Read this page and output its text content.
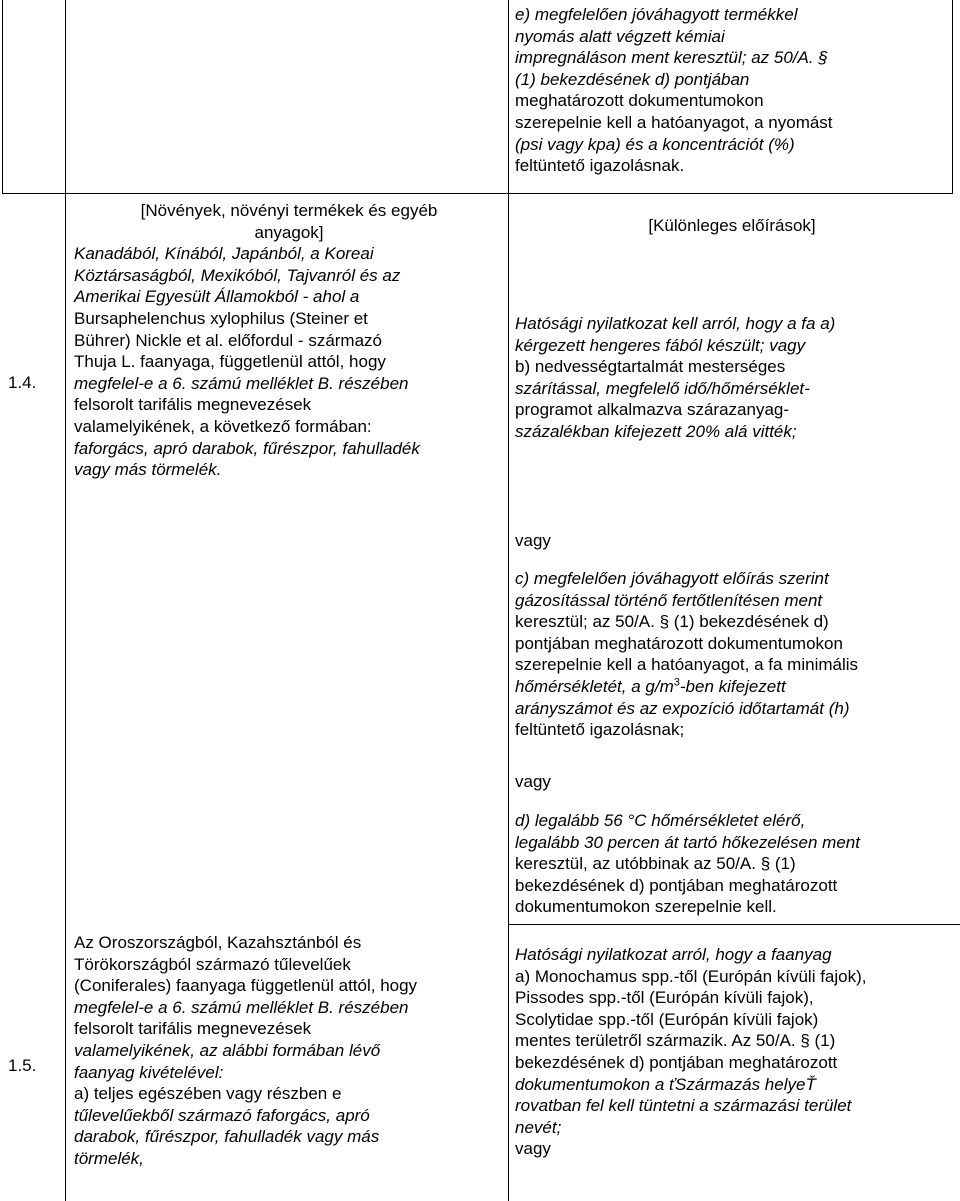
e) megfelelően jóváhagyott termékkel

nyomás alatt végzett kémiai

impregnáláson ment keresztül; az 50/A. §

(1) bekezdésének d) pontjában

meghatározott dokumentumokon

szerepelnie kell a hatóanyagot, a nyomást

(psi vagy kpa) és a koncentrációt (%)

feltüntető igazolásnak.

1.4.

[Növények, növényi termékek és egyéb

anyagok]

Kanadából, Kínából, Japánból, a Koreai

Köztársaságból, Mexikóból, Tajvanról és az

Amerikai Egyesült Államokból - ahol a

Bursaphelenchus xylophilus (Steiner et

Bührer) Nickle et al. előfordul - származó

Thuja L. faanyaga, függetlenül attól, hogy

megfelel-e a 6. számú melléklet B. részében

felsorolt tarifális megnevezések

valamelyikének, a következő formában:

faforgács, apró darabok, fűrészpor, fahulladék

vagy más törmelék.

[Különleges előírások]

Hatósági nyilatkozat kell arról, hogy a fa a)

kérgezett hengeres fából készült; vagy

b) nedvességtartalmát mesterséges

szárítással, megfelelő idő/hőmérséklet-

programot alkalmazva szárazanyag-

százalékban kifejezett 20% alá vitték;

vagy

c) megfelelően jóváhagyott előírás szerint

gázosítással történő fertőtlenítésen ment

keresztül; az 50/A. § (1) bekezdésének d)

pontjában meghatározott dokumentumokon

szerepelnie kell a hatóanyagot, a fa minimális

hőmérsékletét, a $g/m^3$-ben kifejezett

arányszámot és az expozíció időtartamát (h)

feltüntető igazolásnak;

vagy

d) legalább 56 °C hőmérsékletet elérő,

legalább 30 percen át tartó hőkezelésen ment

keresztül, az utóbbinak az 50/A. § (1)

bekezdésének d) pontjában meghatározott

dokumentumokon szerepelnie kell.

1.5.

Az Oroszországból, Kazahsztánból és

Törökországból származó tűlevelűek

(Coniferales) faanyaga függetlenül attól, hogy

megfelel-e a 6. számú melléklet B. részében

felsorolt tarifális megnevezések

valamelyikének, az alábbi formában lévő

faanyag kivételével:

a) teljes egészében vagy részben e

tűlevelűekből származó faforgács, apró

darabok, fűrészpor, fahulladék vagy más

törmelék,

Hatósági nyilatkozat arról, hogy a faanyag

a) Monochamus spp.-től (Európán kívüli fajok),

Pissodes spp.-től (Európán kívüli fajok),

Scolytidae spp.-től (Európán kívüli fajok)

mentes területről származik. Az 50/A. § (1)

bekezdésének d) pontjában meghatározott

dokumentumokon a ťSzármazás helyeŤ

rovatban fel kell tüntetni a származási terület

nevét;

vagy
